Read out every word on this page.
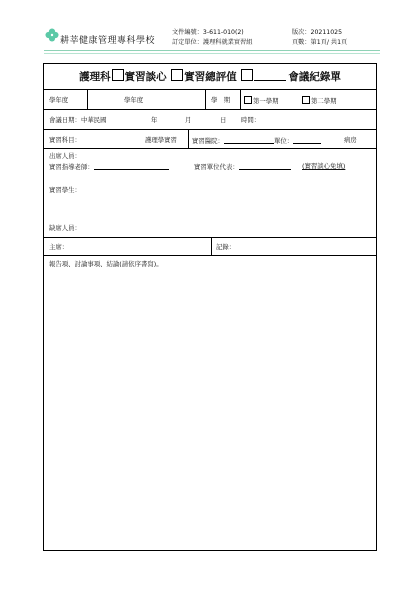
耕莘健康管理專科學校
文件編號：3-611-010(2)
訂定單位：護理科就業實習組
版次：20211025
頁數：第1頁/ 共1頁
護理科 實習談心 實習總評值	會議紀錄單
學年度	學年度	學　期	第一學期	第二學期
會議日期：中華民國	年	月	日 時間：
實習科目：	護理學實習 實習醫院：	單位：	病房
出席人員：
實習指導老師：	實習單位代表：	(實習談心免填)
實習學生：
缺席人員：
主席：	記錄：
報告項、討論事項、結論(請依序書寫)。
